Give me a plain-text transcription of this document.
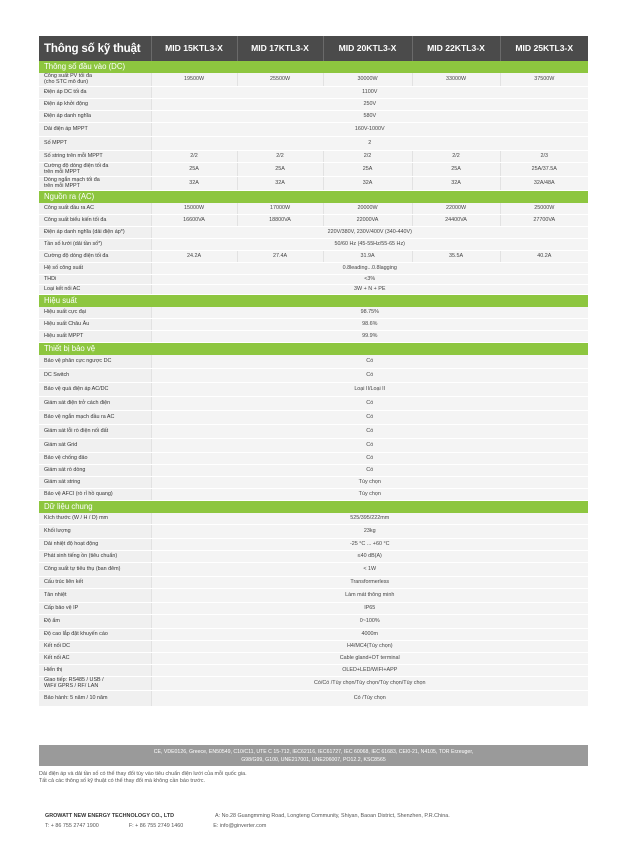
Thông số kỹ thuật	MID 15KTL3-X	MID 17KTL3-X	MID 20KTL3-X	MID 22KTL3-X	MID 25KTL3-X
Thông số đầu vào (DC)					

Công suất PV tối đa
(cho STC mô đun)	19500W	25500W	30000W	33000W	37500W
Điện áp DC tối đa	1100V				
Điện áp khởi động	250V				
Điện áp danh nghĩa	580V				
Dải điện áp MPPT	160V-1000V				
Số MPPT	2				
Số string trên mỗi MPPT	2/2	2/2	2/2	2/2	2/3

Cường độ dòng điện tối đa
trên mỗi MPPT	25A	25A	25A	25A	25A/37.5A

Dòng ngắn mạch tối đa
trên mỗi MPPT	32A	32A	32A	32A	32A/48A
Nguồn ra (AC)					
Công suất đầu ra AC	15000W	17000W	20000W	22000W	25000W
Công suất biểu kiến tối đa	16600VA	18800VA	22000VA	24400VA	27700VA
Điện áp danh nghĩa (dải điện áp*)	220V/380V, 230V/400V (340-440V)				
Tần số lưới (dải tần số*)	50/60 Hz (45-55Hz/55-65 Hz)				
Cường độ dòng điện tối đa	24.2A	27.4A	31.9A	35.5A	40.2A
Hệ số công suất	0.8leading...0.8lagging				
THDi	<3%				
Loại kết nối AC	3W + N + PE				
Hiệu suất					
Hiệu suất cực đại	98.75%				
Hiệu suất Châu Âu	98.6%				
Hiệu suất MPPT	99.9%				
Thiết bị bảo vệ					
Bảo vệ phân cực ngược DC	Có				
DC Switch	Có				
Bảo vệ quá điện áp AC/DC	Loại II/Loại II				
Giám sát điện trở cách điện	Có				
Bảo vệ ngắn mạch đầu ra AC	Có				
Giám sát lỗi rò điện nối đất	Có				
Giám sát Grid	Có				
Bảo vệ chống đảo	Có				
Giám sát rò dòng	Có				
Giám sát string	Tùy chọn				
Bảo vệ AFCI (rò rỉ hồ quang)	Tùy chọn				
Dữ liệu chung					
Kích thước (W / H / D) mm	525/395/222mm				
Khối lượng	23kg				
Dải nhiệt độ hoạt động	-25 °C ... +60 °C				
Phát sinh tiếng ồn (tiêu chuẩn)	≤40 dB(A)				
Công suất tự tiêu thụ (ban đêm)	< 1W				
Cấu trúc liên kết	Transformerless				
Tản nhiệt	Làm mát thông minh				
Cấp bảo vệ IP	IP65				
Độ ẩm	0~100%				
Độ cao lắp đặt khuyến cáo	4000m				
Kết nối DC	H4/MC4(Tùy chọn)				
Kết nối AC	Cable gland+OT terminal				
Hiển thị	OLED+LED/WIFI+APP				

Giao tiếp: RS485 / USB /
WiFi/ GPRS / RF/ LAN	Có/Có /Tùy chọn/Tùy chọn/Tùy chọn/Tùy chọn				
Bảo hành: 5 năm / 10 năm	Có /Tùy chọn				
CE, VDE0126, Greece, EN50549, C10/C11, UTE C 15-712, IEC62116, IEC61727, IEC 60068, IEC 61683, CEI0-21, N4105, TOR Erzeuger,
G98/G99, G100, UNE217001, UNE206007, PO12.2, KSC8565
Dải điện áp và dải tần số có thể thay đổi tùy vào tiêu chuẩn điện lưới của mỗi quốc gia.
Tất cả các thông số kỹ thuật có thể thay đổi mà không cần báo trước.
GROWATT NEW ENERGY TECHNOLOGY CO., LTD	A: No.28 Guangmming Road, Longteng Community, Shiyan, Baoan District, Shenzhen, P.R.China.
T: + 86 755 2747 1900	F: + 86 755 2749 1460	E: info@ginverter.com
